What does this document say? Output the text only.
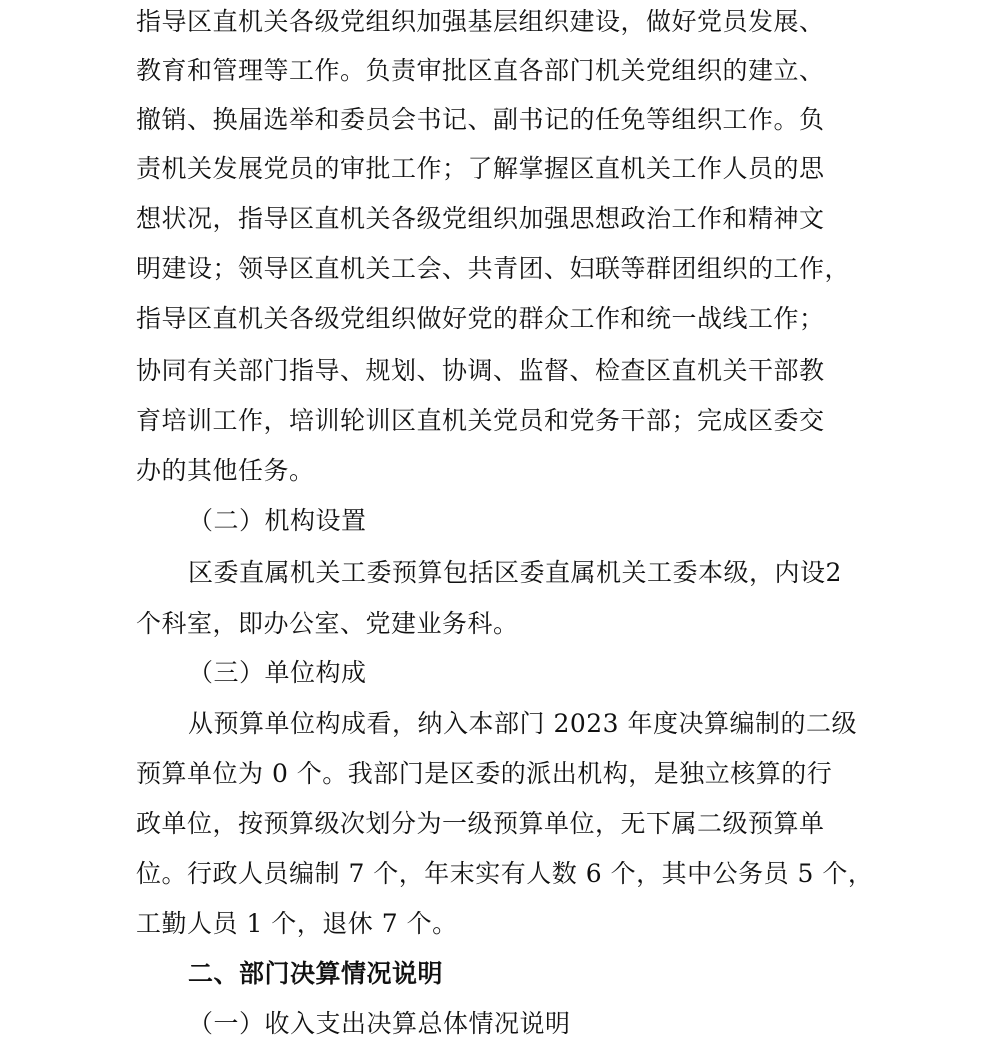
指导区直机关各级党组织加强基层组织建设，做好党员发展、
教育和管理等工作。负责审批区直各部门机关党组织的建立、
撤销、换届选举和委员会书记、副书记的任免等组织工作。负
责机关发展党员的审批工作；了解掌握区直机关工作人员的思
想状况，指导区直机关各级党组织加强思想政治工作和精神文
明建设；领导区直机关工会、共青团、妇联等群团组织的工作，
指导区直机关各级党组织做好党的群众工作和统一战线工作；
协同有关部门指导、规划、协调、监督、检查区直机关干部教
育培训工作，培训轮训区直机关党员和党务干部；完成区委交
办的其他任务。
（二）机构设置
区委直属机关工委预算包括区委直属机关工委本级，内设2
个科室，即办公室、党建业务科。
（三）单位构成
从预算单位构成看，纳入本部门 2023 年度决算编制的二级
预算单位为 0 个。我部门是区委的派出机构，是独立核算的行
政单位，按预算级次划分为一级预算单位，无下属二级预算单
位。行政人员编制 7 个，年末实有人数 6 个，其中公务员 5 个，
工勤人员 1 个，退休 7 个。
二、部门决算情况说明
（一）收入支出决算总体情况说明
